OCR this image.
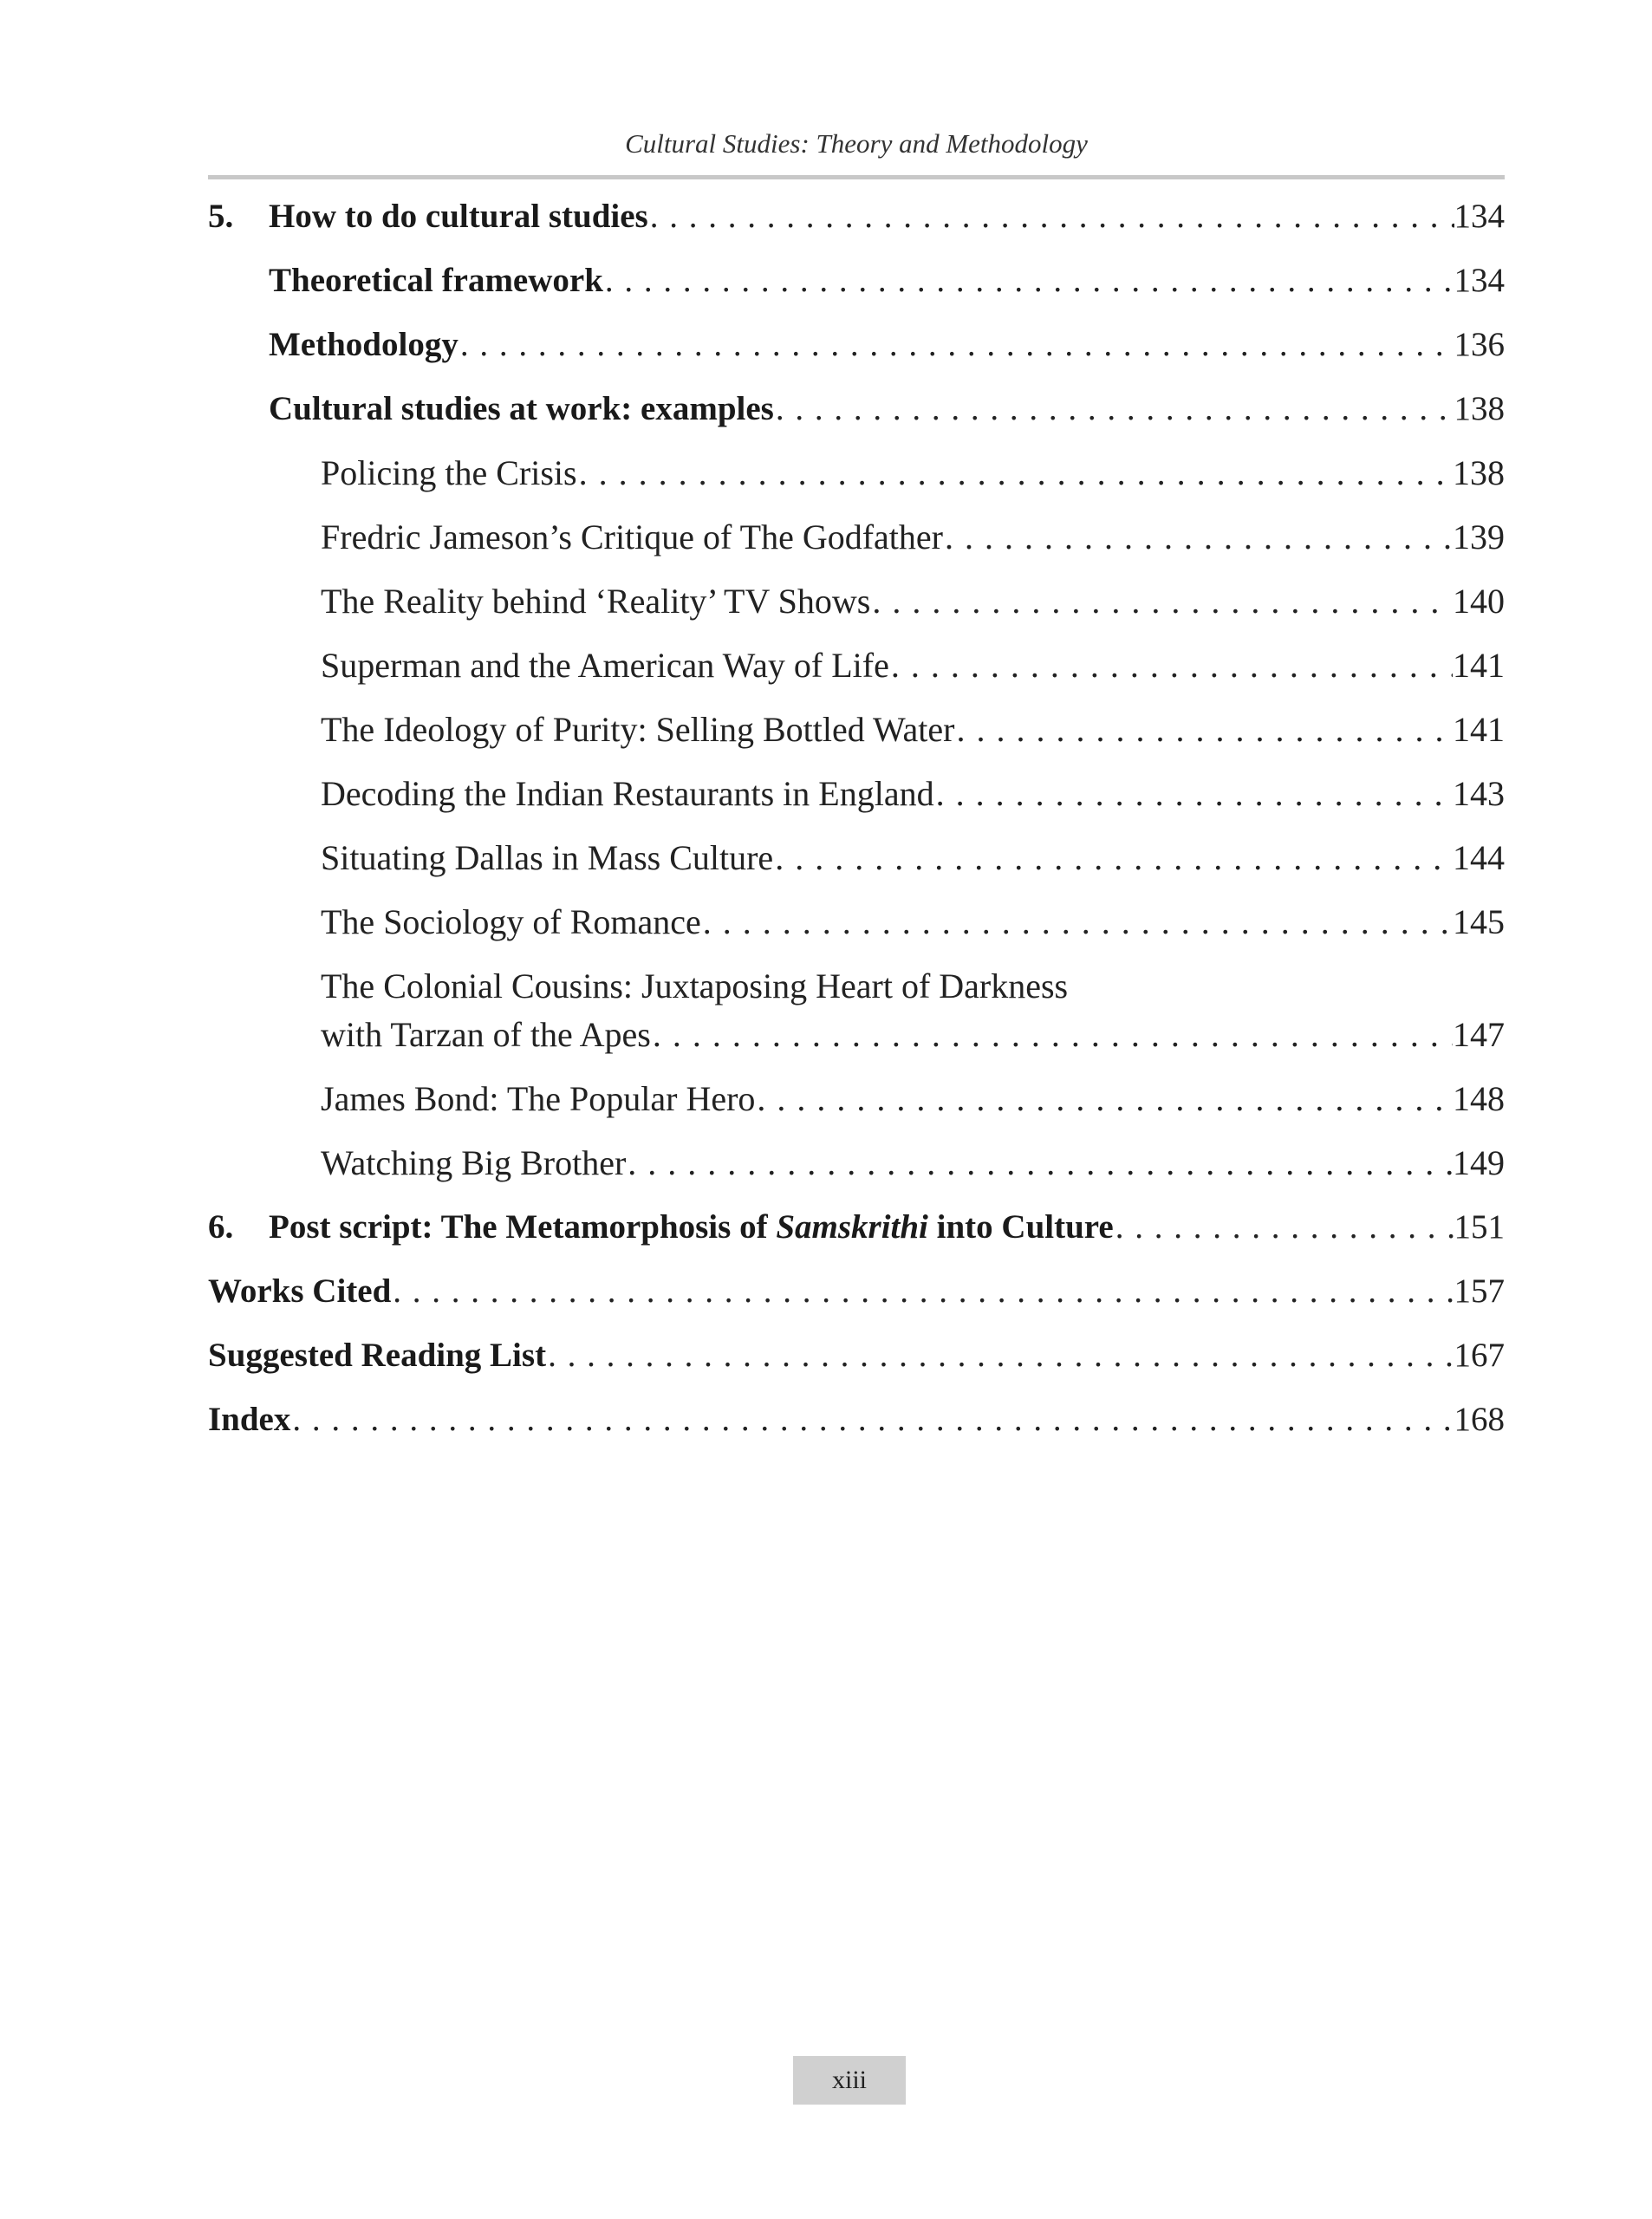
Cultural Studies: Theory and Methodology
5.	How to do cultural studies . . .	134
Theoretical framework . . .	134
Methodology . . .	136
Cultural studies at work: examples . . .	138
Policing the Crisis . . .	138
Fredric Jameson’s Critique of The Godfather . . .	139
The Reality behind ‘Reality’ TV Shows . . .	140
Superman and the American Way of Life . . .	141
The Ideology of Purity: Selling Bottled Water . . .	141
Decoding the Indian Restaurants in England . . .	143
Situating Dallas in Mass Culture . . .	144
The Sociology of Romance . . .	145
The Colonial Cousins: Juxtaposing Heart of Darkness
with Tarzan of the Apes . . .	147
James Bond: The Popular Hero . . .	148
Watching Big Brother . . .	149
6.	Post script: The Metamorphosis of Samskrithi into Culture . . .	151
Works Cited . . .	157
Suggested Reading List . . .	167
Index . . .	168
xiii
